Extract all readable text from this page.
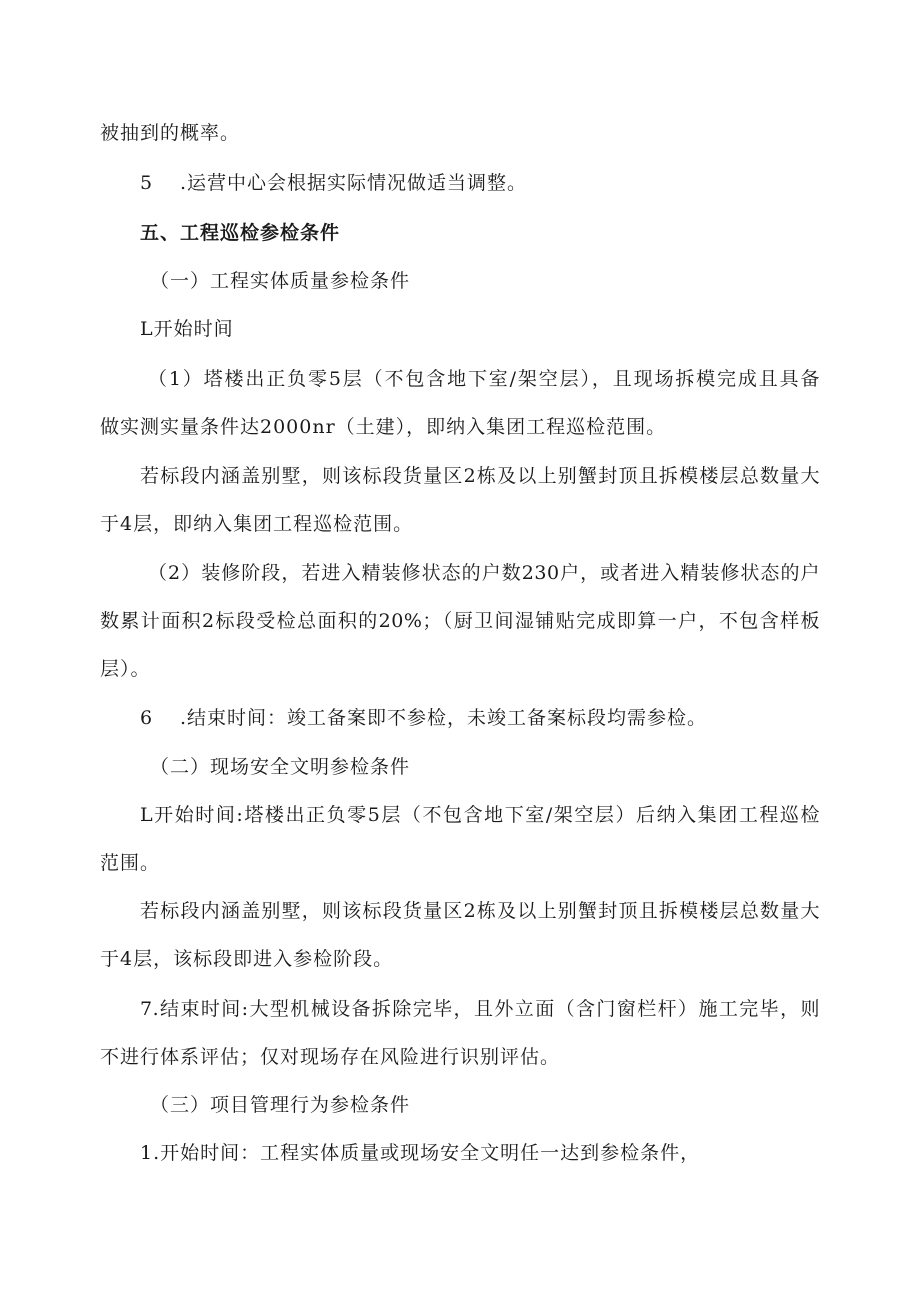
被抽到的概率。
5 .运营中心会根据实际情况做适当调整。
五、工程巡检参检条件
（一）工程实体质量参检条件
L开始时间
（1）塔楼出正负零5层（不包含地下室/架空层），且现场拆模完成且具备
做实测实量条件达2000nr（土建），即纳入集团工程巡检范围。
若标段内涵盖别墅，则该标段货量区2栋及以上别蟹封顶且拆模楼层总数量大
于4层，即纳入集团工程巡检范围。
（2）装修阶段，若进入精装修状态的户数230户，或者进入精装修状态的户
数累计面积2标段受检总面积的20%；（厨卫间湿铺贴完成即算一户，不包含样板
层）。
6 .结束时间：竣工备案即不参检，未竣工备案标段均需参检。
（二）现场安全文明参检条件
L开始时间:塔楼出正负零5层（不包含地下室/架空层）后纳入集团工程巡检
范围。
若标段内涵盖别墅，则该标段货量区2栋及以上别蟹封顶且拆模楼层总数量大
于4层，该标段即进入参检阶段。
7.结束时间:大型机械设备拆除完毕，且外立面（含门窗栏杆）施工完毕，则
不进行体系评估；仅对现场存在风险进行识别评估。
（三）项目管理行为参检条件
1.开始时间：工程实体质量或现场安全文明任一达到参检条件，
